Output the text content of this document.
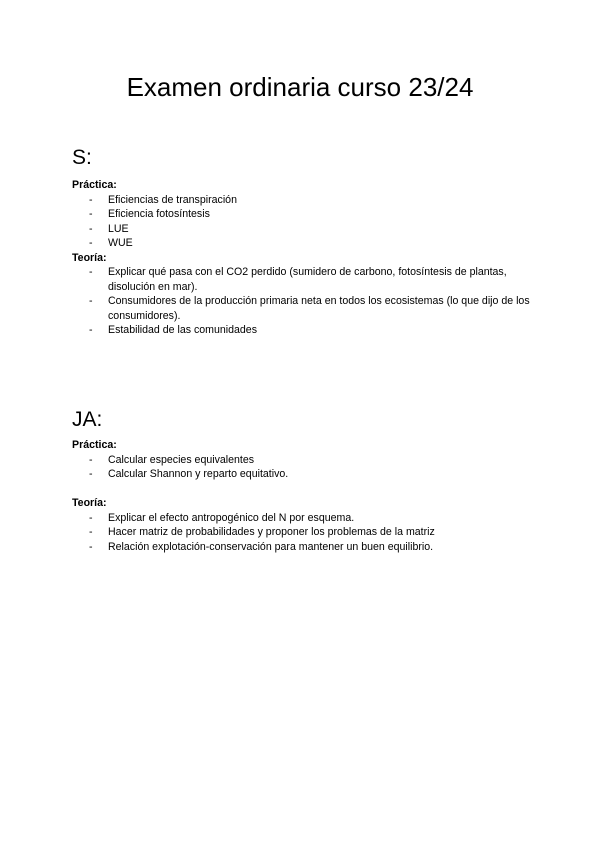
Examen ordinaria curso 23/24
S:

Práctica:

- Eficiencias de transpiración
- Eficiencia fotosíntesis
- LUE
- WUE

Teoría:

- Explicar qué pasa con el CO2 perdido (sumidero de carbono, fotosíntesis de plantas, disolución en mar).
- Consumidores de la producción primaria neta en todos los ecosistemas (lo que dijo de los consumidores).
- Estabilidad de las comunidades
JA:

Práctica:

- Calcular especies equivalentes
- Calcular Shannon y reparto equitativo.

Teoría:

- Explicar el efecto antropogénico del N por esquema.
- Hacer matriz de probabilidades y proponer los problemas de la matriz
- Relación explotación-conservación para mantener un buen equilibrio.
